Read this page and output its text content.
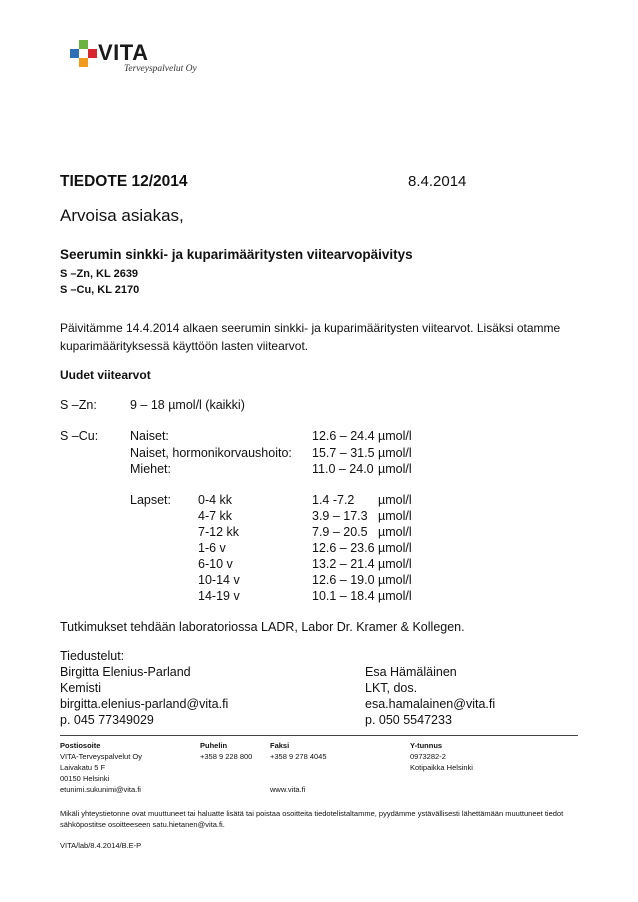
VITA
Terveyspalvelut Oy
TIEDOTE 12/2014	8.4.2014
Arvoisa asiakas,
Seerumin sinkki- ja kuparimääritysten viitearvopäivitys
S –Zn, KL 2639
S –Cu, KL 2170
Päivitämme 14.4.2014 alkaen seerumin sinkki- ja kuparimääritysten viitearvot. Lisäksi otamme kuparimäärityksessä käyttöön lasten viitearvot.
Uudet viitearvot
S –Zn:	9 – 18 µmol/l (kaikki)
S –Cu:	Naiset:	12.6 – 24.4 µmol/l
Naiset, hormonikorvaushoito: 15.7 – 31.5 µmol/l
Miehet:	11.0 – 24.0 µmol/l
Lapset: 0-4 kk	1.4 -7.2 µmol/l
4-7 kk	3.9 – 17.3 µmol/l
7-12 kk	7.9 – 20.5 µmol/l
1-6 v	12.6 – 23.6 µmol/l
6-10 v	13.2 – 21.4 µmol/l
10-14 v	12.6 – 19.0 µmol/l
14-19 v	10.1 – 18.4 µmol/l
Tutkimukset tehdään laboratoriossa LADR, Labor Dr. Kramer & Kollegen.
Tiedustelut:
Birgitta Elenius-Parland
Kemisti
birgitta.elenius-parland@vita.fi
p. 045 77349029
Esa Hämäläinen
LKT, dos.
esa.hamalainen@vita.fi
p. 050 5547233
Postiosoite
VITA-Terveyspalvelut Oy
Laivakatu 5 F
00150 Helsinki
etunimi.sukunimi@vita.fi
Puhelin
+358 9 228 800
Faksi
+358 9 278 4045
www.vita.fi
Y-tunnus
0973282-2
Kotipaikka Helsinki
Mikäli yhteystietonne ovat muuttuneet tai haluatte lisätä tai poistaa osoitteita tiedotelistaltamme, pyydämme ystävällisesti lähettämään muuttuneet tiedot sähköpostitse osoitteeseen satu.hietanen@vita.fi.
VITA/lab/8.4.2014/B.E-P
